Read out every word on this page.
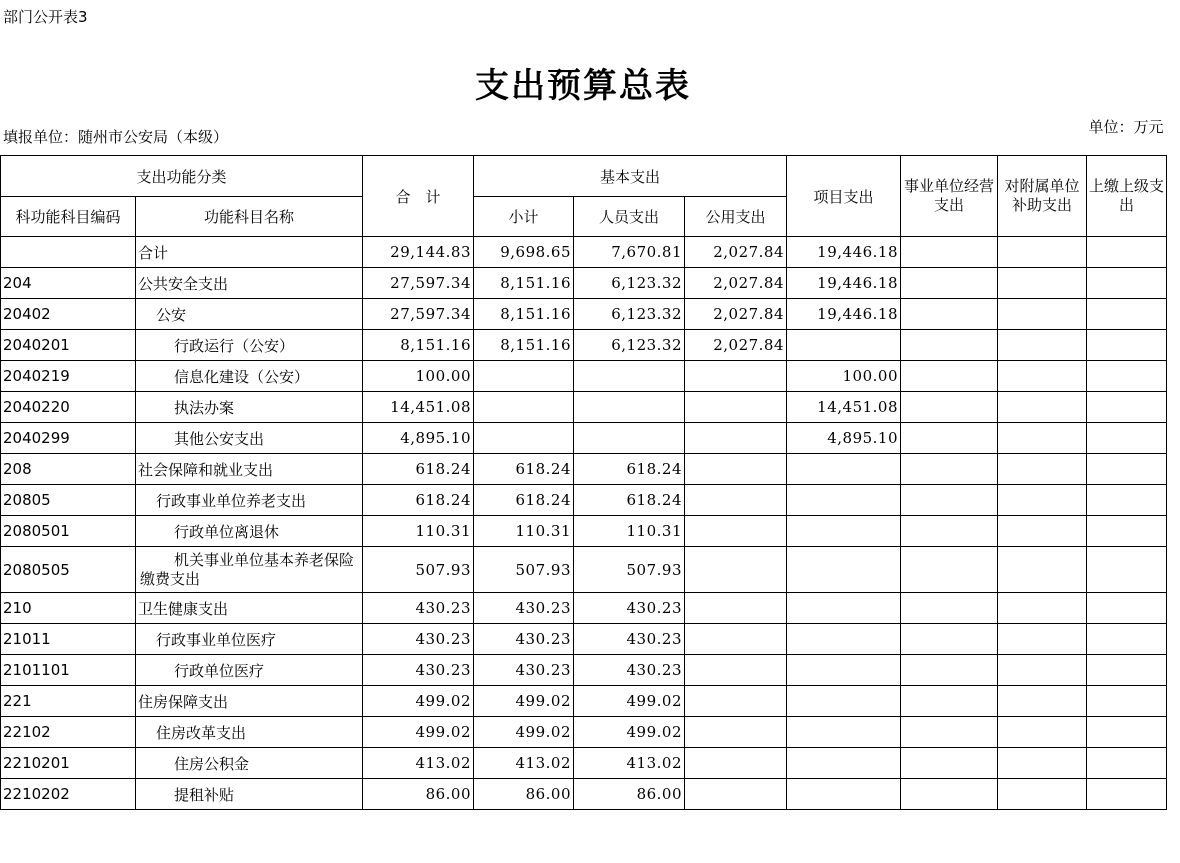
部门公开表3
支出预算总表
填报单位：随州市公安局（本级）
单位：万元
支出功能分类		合　计	基本支出			项目支出	事业单位经营支出	对附属单位补助支出	上缴上级支出
科功能科目编码	功能科目名称		小计	人员支出	公用支出				
	合计	29,144.83	9,698.65	7,670.81	2,027.84	19,446.18			
204	公共安全支出	27,597.34	8,151.16	6,123.32	2,027.84	19,446.18			
20402	公安	27,597.34	8,151.16	6,123.32	2,027.84	19,446.18			
2040201	行政运行（公安）	8,151.16	8,151.16	6,123.32	2,027.84				
2040219	信息化建设（公安）	100.00				100.00			
2040220	执法办案	14,451.08				14,451.08			
2040299	其他公安支出	4,895.10				4,895.10			
208	社会保障和就业支出	618.24	618.24	618.24					
20805	行政事业单位养老支出	618.24	618.24	618.24					
2080501	行政单位离退休	110.31	110.31	110.31					
2080505	机关事业单位基本养老保险缴费支出	507.93	507.93	507.93					
210	卫生健康支出	430.23	430.23	430.23					
21011	行政事业单位医疗	430.23	430.23	430.23					
2101101	行政单位医疗	430.23	430.23	430.23					
221	住房保障支出	499.02	499.02	499.02					
22102	住房改革支出	499.02	499.02	499.02					
2210201	住房公积金	413.02	413.02	413.02					
2210202	提租补贴	86.00	86.00	86.00					
